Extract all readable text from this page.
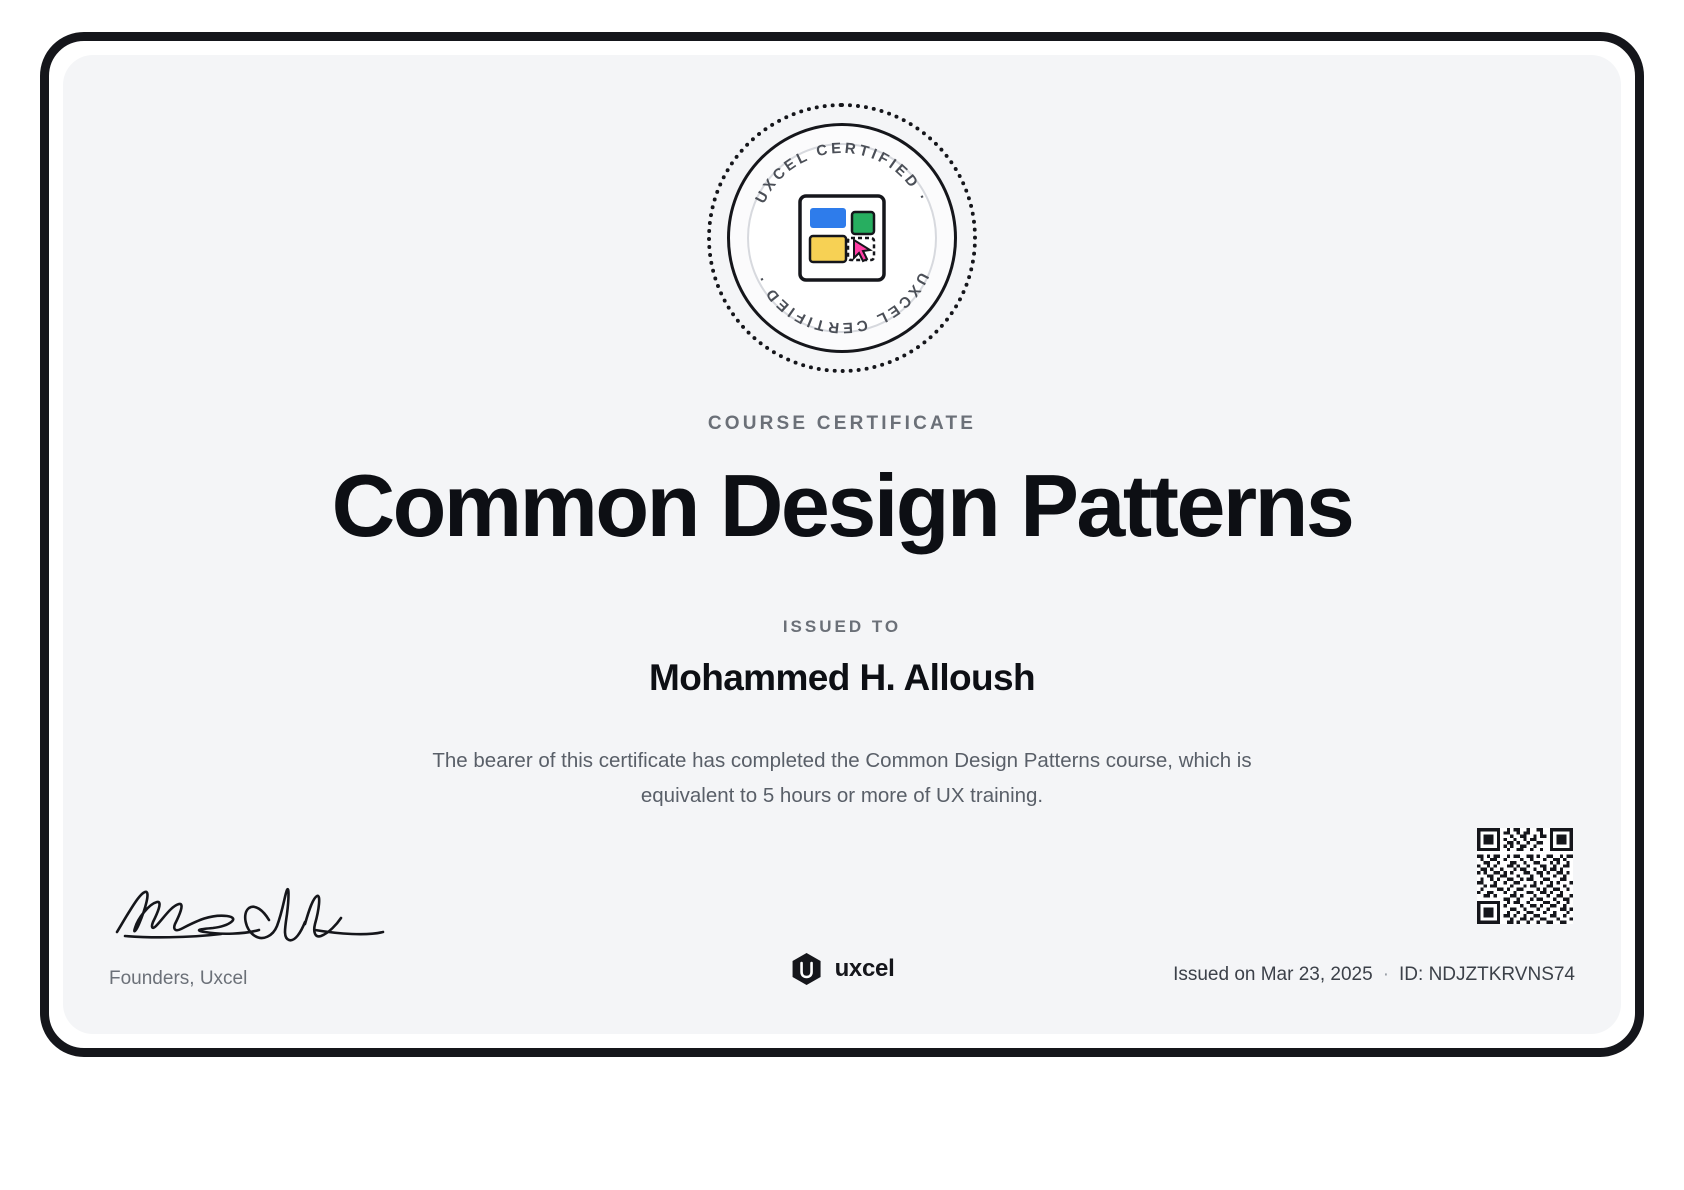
UXCEL CERTIFIED ·
UXCEL CERTIFIED ·
COURSE CERTIFICATE
Common Design Patterns
ISSUED TO
Mohammed H. Alloush
The bearer of this certificate has completed the Common Design Patterns course, which is equivalent to 5 hours or more of UX training.
Founders, Uxcel	uxcel	Issued on Mar 23, 2025 · ID: NDJZTKRVNS74
